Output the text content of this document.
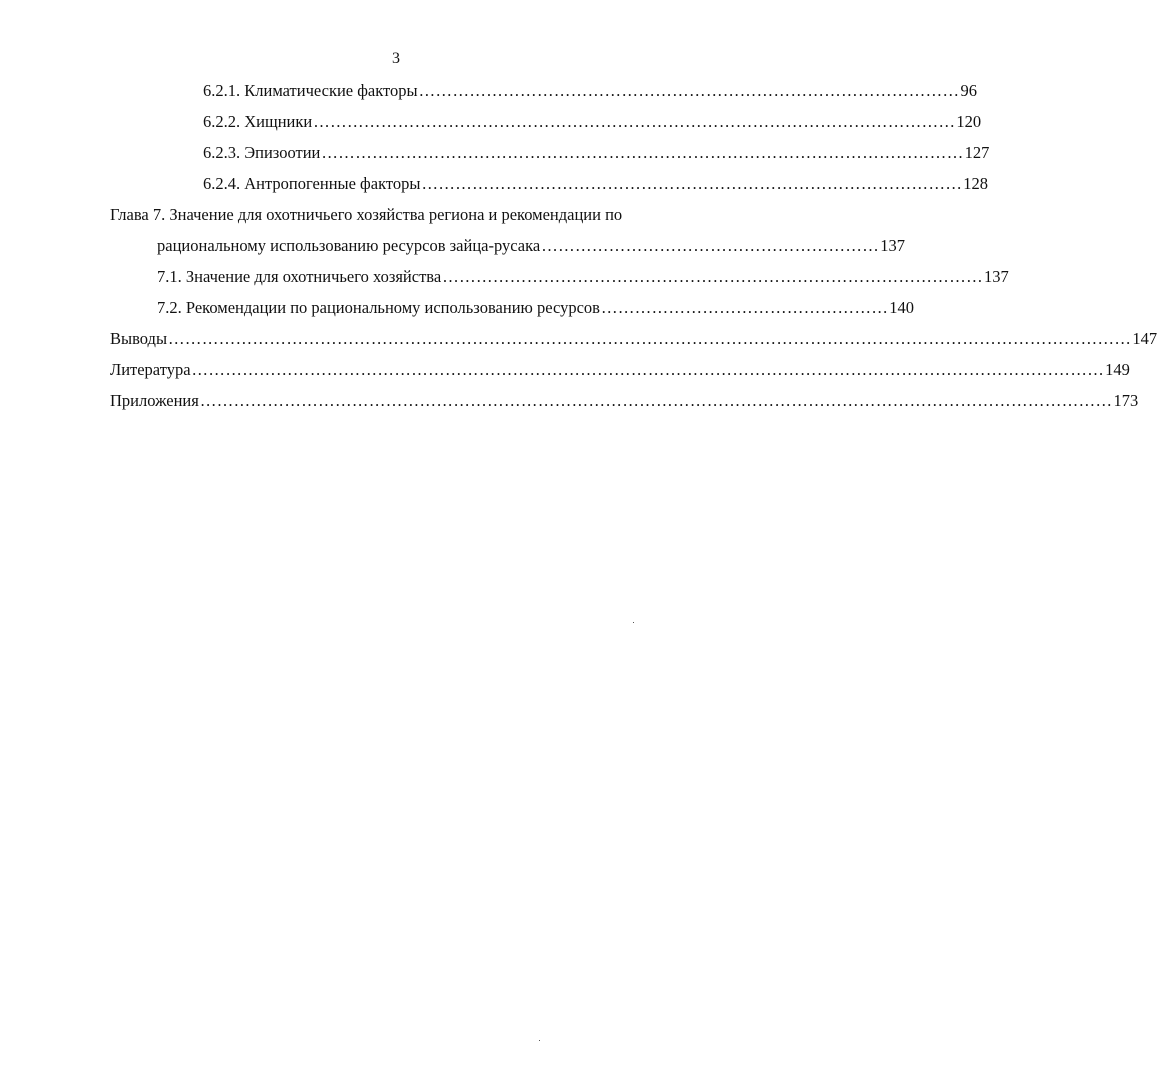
3
6.2.1. Климатические факторы …………………………………………………………………………………… 96
6.2.2. Хищники …………………………………………………………………………………………………… 120
6.2.3. Эпизоотии …………………………………………………………………………………………………… 127
6.2.4. Антропогенные факторы …………………………………………………………………………………… 128
Глава 7. Значение для охотничьего хозяйства региона и рекомендации по
рациональному использованию ресурсов зайца-русака …………………………………………………… 137
7.1. Значение для охотничьего хозяйства …………………………………………………………………………………… 137
7.2. Рекомендации по рациональному использованию ресурсов …………………………………………… 140
Выводы ……………………………………………………………………………………………………………………………………………………… 147
Литература ……………………………………………………………………………………………………………………………………………… 149
Приложения ……………………………………………………………………………………………………………………………………………… 173
